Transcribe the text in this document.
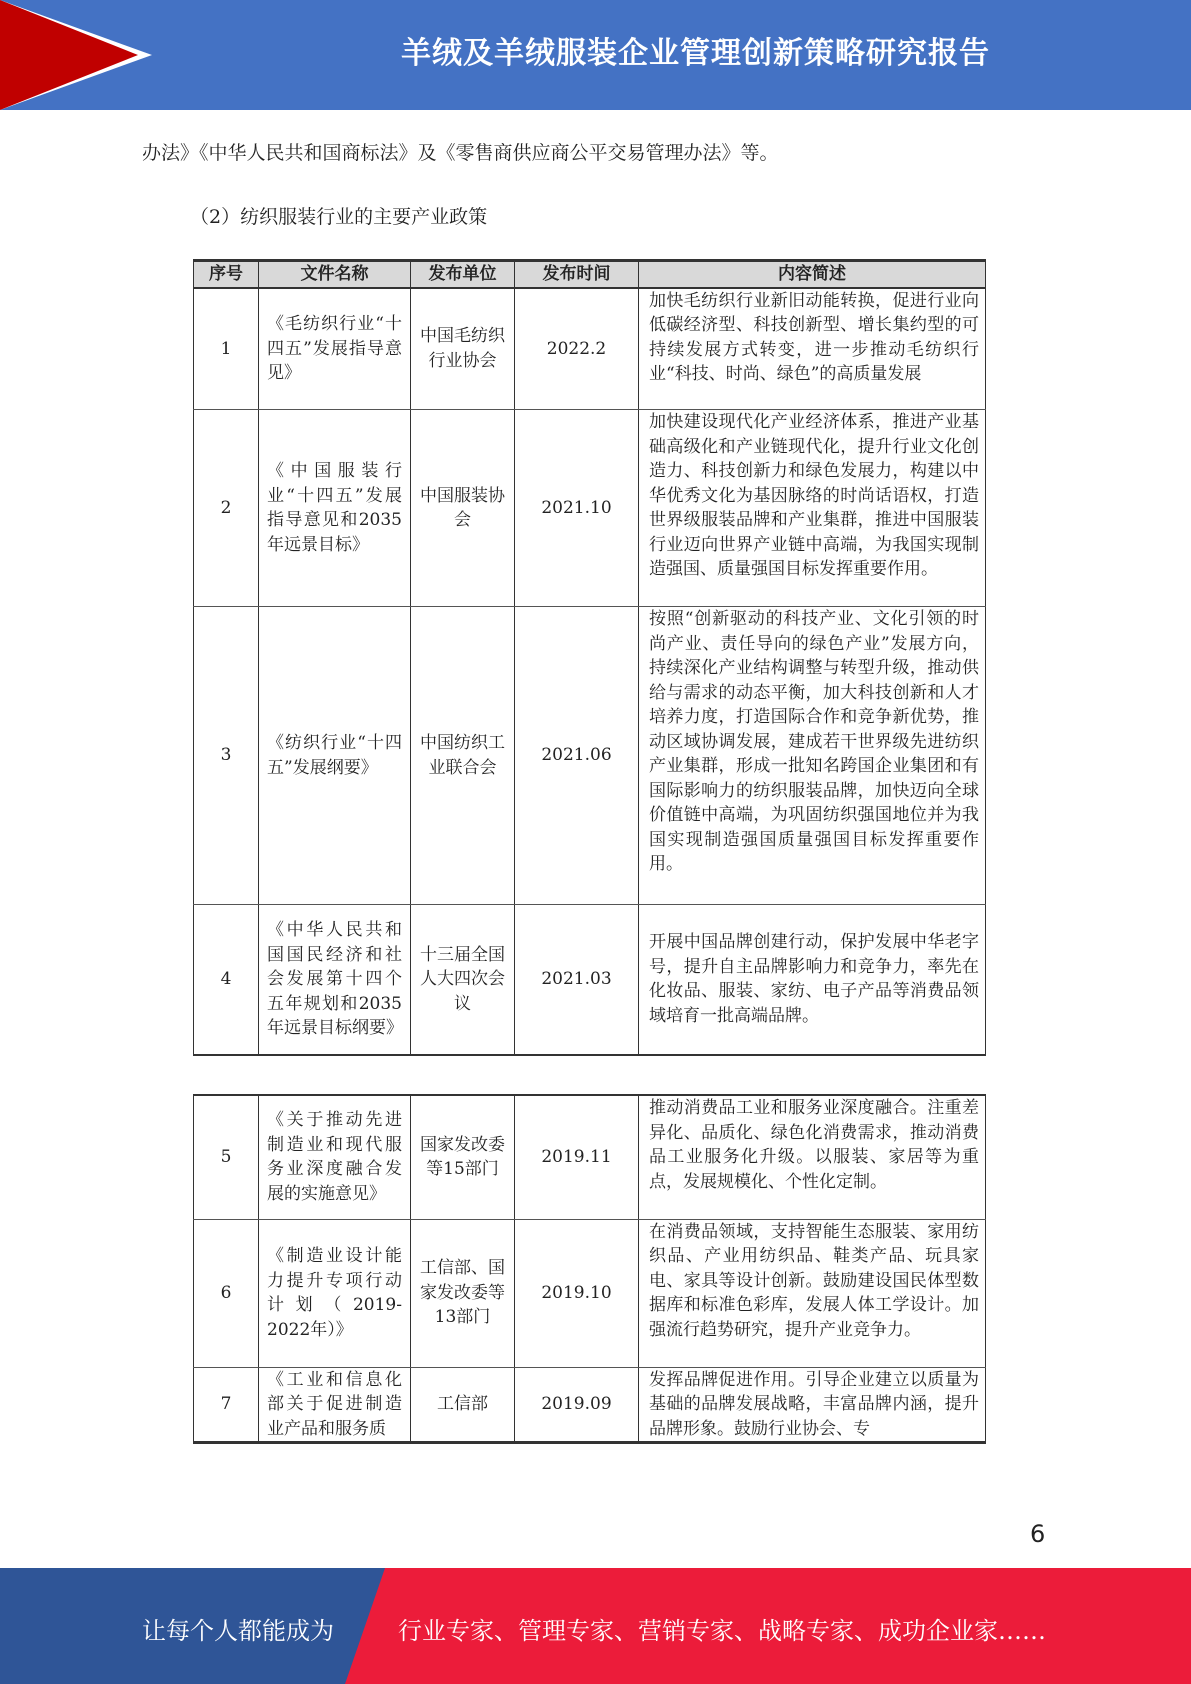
羊绒及羊绒服装企业管理创新策略研究报告
办法》《中华人民共和国商标法》及《零售商供应商公平交易管理办法》等。
（2）纺织服装行业的主要产业政策
序号	文件名称	发布单位	发布时间	内容简述
1	《毛纺织行业“十四五”发展指导意见》	中国毛纺织行业协会	2022.2	加快毛纺织行业新旧动能转换，促进行业向低碳经济型、科技创新型、增长集约型的可持续发展方式转变，进一步推动毛纺织行业“科技、时尚、绿色”的高质量发展
2	《中国服装行业“十四五”发展指导意见和2035年远景目标》	中国服装协会	2021.10	加快建设现代化产业经济体系，推进产业基础高级化和产业链现代化，提升行业文化创造力、科技创新力和绿色发展力，构建以中华优秀文化为基因脉络的时尚话语权，打造世界级服装品牌和产业集群，推进中国服装行业迈向世界产业链中高端，为我国实现制造强国、质量强国目标发挥重要作用。
3	《纺织行业“十四五”发展纲要》	中国纺织工业联合会	2021.06	按照“创新驱动的科技产业、文化引领的时尚产业、责任导向的绿色产业”发展方向，持续深化产业结构调整与转型升级，推动供给与需求的动态平衡，加大科技创新和人才培养力度，打造国际合作和竞争新优势，推动区域协调发展，建成若干世界级先进纺织产业集群，形成一批知名跨国企业集团和有国际影响力的纺织服装品牌，加快迈向全球价值链中高端，为巩固纺织强国地位并为我国实现制造强国质量强国目标发挥重要作用。
4	《中华人民共和国国民经济和社会发展第十四个五年规划和2035年远景目标纲要》	十三届全国人大四次会议	2021.03	开展中国品牌创建行动，保护发展中华老字号，提升自主品牌影响力和竞争力，率先在化妆品、服装、家纺、电子产品等消费品领域培育一批高端品牌。
5	《关于推动先进制造业和现代服务业深度融合发展的实施意见》	国家发改委等15部门	2019.11	推动消费品工业和服务业深度融合。注重差异化、品质化、绿色化消费需求，推动消费品工业服务化升级。以服装、家居等为重点，发展规模化、个性化定制。
6	《制造业设计能力提升专项行动计划（2019-2022年）》	工信部、国家发改委等13部门	2019.10	在消费品领域，支持智能生态服装、家用纺织品、产业用纺织品、鞋类产品、玩具家电、家具等设计创新。鼓励建设国民体型数据库和标准色彩库，发展人体工学设计。加强流行趋势研究，提升产业竞争力。
7	《工业和信息化部关于促进制造业产品和服务质	工信部	2019.09	发挥品牌促进作用。引导企业建立以质量为基础的品牌发展战略，丰富品牌内涵，提升品牌形象。鼓励行业协会、专
6
让每个人都能成为	行业专家、管理专家、营销专家、战略专家、成功企业家……
